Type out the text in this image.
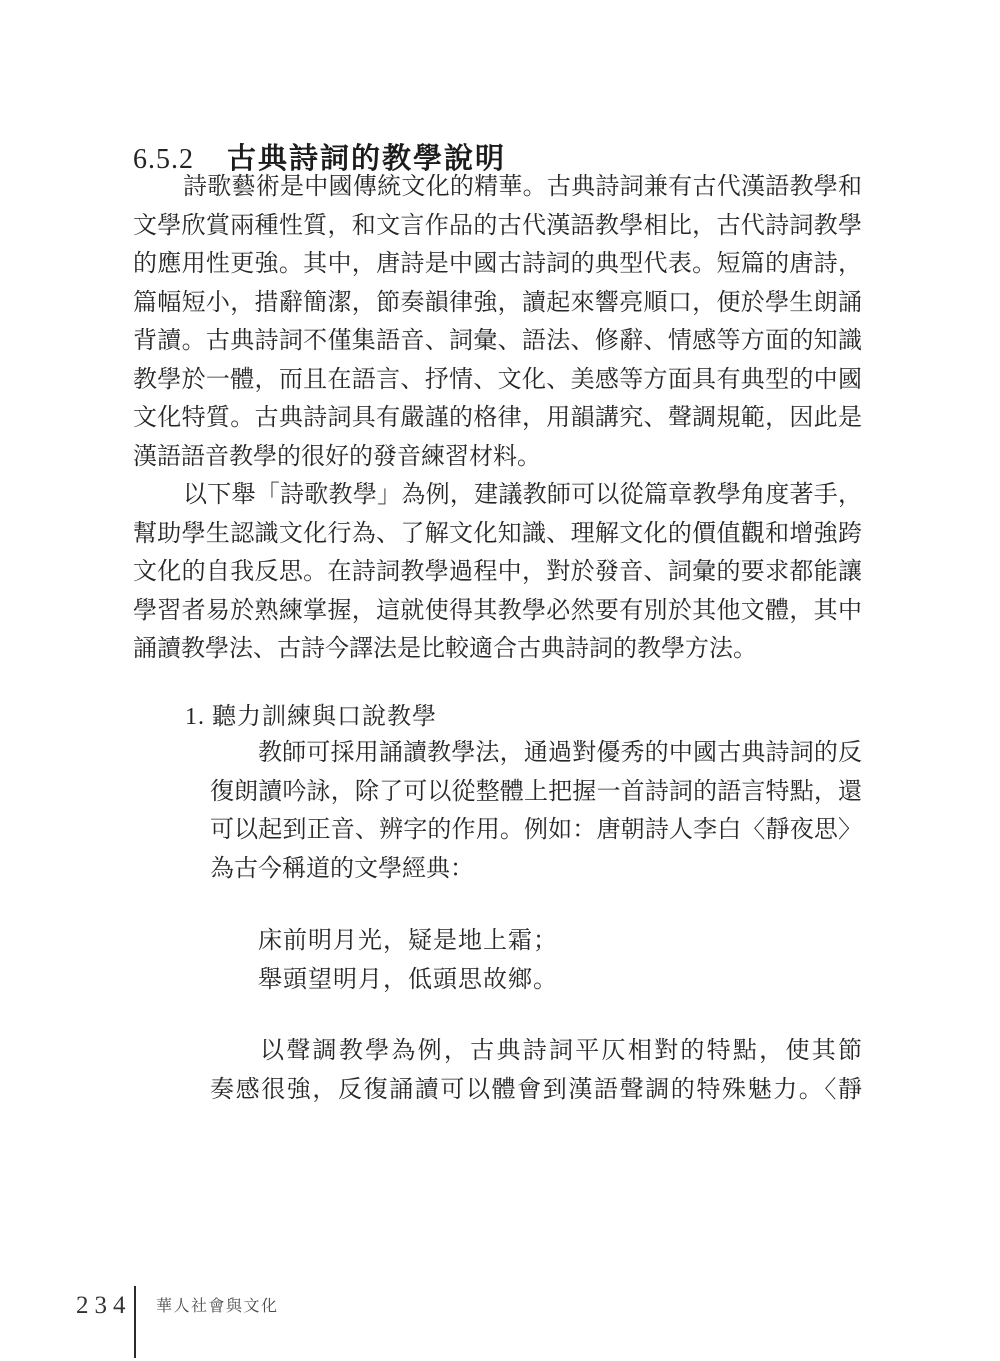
6.5.2 古典詩詞的教學說明
詩歌藝術是中國傳統文化的精華。古典詩詞兼有古代漢語教學和
文學欣賞兩種性質，和文言作品的古代漢語教學相比，古代詩詞教學
的應用性更強。其中，唐詩是中國古詩詞的典型代表。短篇的唐詩，
篇幅短小，措辭簡潔，節奏韻律強，讀起來響亮順口，便於學生朗誦
背讀。古典詩詞不僅集語音、詞彙、語法、修辭、情感等方面的知識
教學於一體，而且在語言、抒情、文化、美感等方面具有典型的中國
文化特質。古典詩詞具有嚴謹的格律，用韻講究、聲調規範，因此是
漢語語音教學的很好的發音練習材料。
以下舉「詩歌教學」為例，建議教師可以從篇章教學角度著手，
幫助學生認識文化行為、了解文化知識、理解文化的價值觀和增強跨
文化的自我反思。在詩詞教學過程中，對於發音、詞彙的要求都能讓
學習者易於熟練掌握，這就使得其教學必然要有別於其他文體，其中
誦讀教學法、古詩今譯法是比較適合古典詩詞的教學方法。
1. 聽力訓練與口說教學
教師可採用誦讀教學法，通過對優秀的中國古典詩詞的反
復朗讀吟詠，除了可以從整體上把握一首詩詞的語言特點，還
可以起到正音、辨字的作用。例如：唐朝詩人李白〈靜夜思〉
為古今稱道的文學經典：
床前明月光，疑是地上霜；
舉頭望明月，低頭思故鄉。
以聲調教學為例，古典詩詞平仄相對的特點，使其節
奏感很強，反復誦讀可以體會到漢語聲調的特殊魅力。〈靜
234 華人社會與文化
